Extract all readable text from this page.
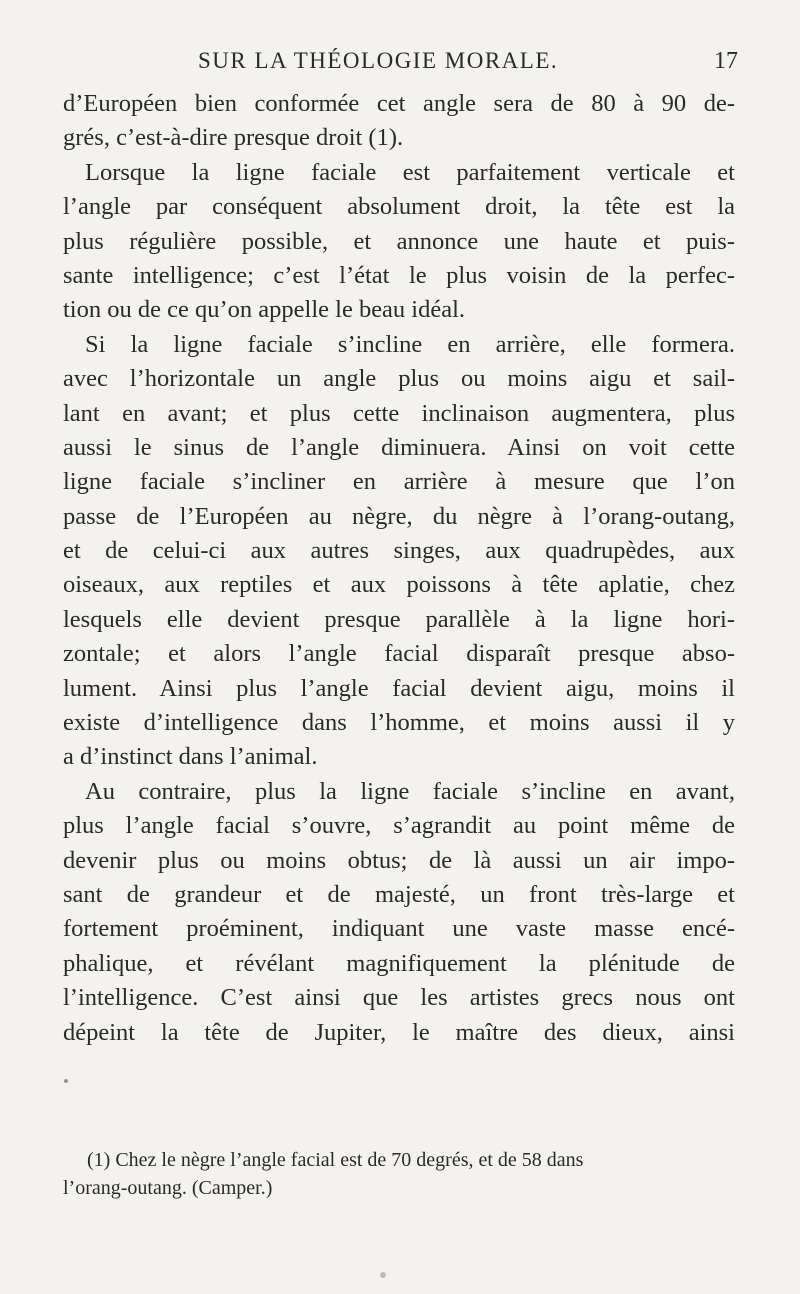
SUR LA THÉOLOGIE MORALE.	17
d’Européen bien conformée cet angle sera de 80 à 90 de-
grés, c’est-à-dire presque droit (1).
Lorsque la ligne faciale est parfaitement verticale et
l’angle par conséquent absolument droit, la tête est la
plus régulière possible, et annonce une haute et puis-
sante intelligence; c’est l’état le plus voisin de la perfec-
tion ou de ce qu’on appelle le beau idéal.
Si la ligne faciale s’incline en arrière, elle formera.
avec l’horizontale un angle plus ou moins aigu et sail-
lant en avant; et plus cette inclinaison augmentera, plus
aussi le sinus de l’angle diminuera. Ainsi on voit cette
ligne faciale s’incliner en arrière à mesure que l’on
passe de l’Européen au nègre, du nègre à l’orang-outang,
et de celui-ci aux autres singes, aux quadrupèdes, aux
oiseaux, aux reptiles et aux poissons à tête aplatie, chez
lesquels elle devient presque parallèle à la ligne hori-
zontale; et alors l’angle facial disparaît presque abso-
lument. Ainsi plus l’angle facial devient aigu, moins il
existe d’intelligence dans l’homme, et moins aussi il y
a d’instinct dans l’animal.
Au contraire, plus la ligne faciale s’incline en avant,
plus l’angle facial s’ouvre, s’agrandit au point même de
devenir plus ou moins obtus; de là aussi un air impo-
sant de grandeur et de majesté, un front très-large et
fortement proéminent, indiquant une vaste masse encé-
phalique, et révélant magnifiquement la plénitude de
l’intelligence. C’est ainsi que les artistes grecs nous ont
dépeint la tête de Jupiter, le maître des dieux, ainsi
(1) Chez le nègre l’angle facial est de 70 degrés, et de 58 dans
l’orang-outang. (Camper.)
